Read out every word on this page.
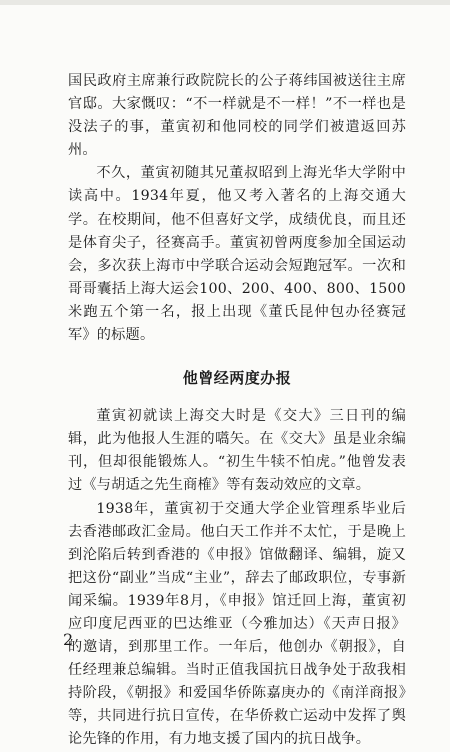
国民政府主席兼行政院院长的公子蒋纬国被送往主席官邸。大家慨叹：“不一样就是不一样！”不一样也是没法子的事，董寅初和他同校的同学们被遣返回苏州。

不久，董寅初随其兄董叔昭到上海光华大学附中读高中。1934年夏，他又考入著名的上海交通大学。在校期间，他不但喜好文学，成绩优良，而且还是体育尖子，径赛高手。董寅初曾两度参加全国运动会，多次获上海市中学联合运动会短跑冠军。一次和哥哥囊括上海大运会100、200、400、800、1500米跑五个第一名，报上出现《董氏昆仲包办径赛冠军》的标题。

他曾经两度办报

董寅初就读上海交大时是《交大》三日刊的编辑，此为他报人生涯的嚆矢。在《交大》虽是业余编刊，但却很能锻炼人。“初生牛犊不怕虎。”他曾发表过《与胡适之先生商榷》等有轰动效应的文章。

1938年，董寅初于交通大学企业管理系毕业后去香港邮政汇金局。他白天工作并不太忙，于是晚上到沦陷后转到香港的《申报》馆做翻译、编辑，旋又把这份“副业”当成“主业”，辞去了邮政职位，专事新闻采编。1939年8月，《申报》馆迁回上海，董寅初应印度尼西亚的巴达维亚（今雅加达）《天声日报》的邀请，到那里工作。一年后，他创办《朝报》，自任经理兼总编辑。当时正值我国抗日战争处于敌我相持阶段，《朝报》和爱国华侨陈嘉庚办的《南洋商报》等，共同进行抗日宣传，在华侨救亡运动中发挥了舆论先锋的作用，有力地支援了国内的抗日战争。

2
